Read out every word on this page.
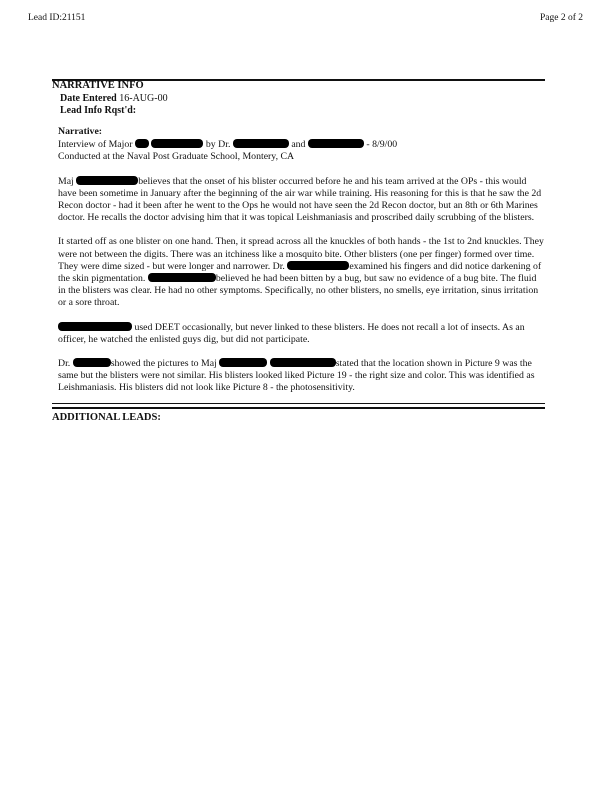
Lead ID:21151	Page 2 of 2
NARRATIVE INFO
Date Entered 16-AUG-00
Lead Info Rqst'd:
Narrative:
Interview of Major	by Dr.	and	- 8/9/00
Conducted at the Naval Post Graduate School, Montery, CA

Maj	believes that the onset of his blister occurred before he and his team arrived at the OPs - this would have been sometime in January after the beginning of the air war while training. His reasoning for this is that he saw the 2d Recon doctor - had it been after he went to the Ops he would not have seen the 2d Recon doctor, but an 8th or 6th Marines doctor. He recalls the doctor advising him that it was topical Leishmaniasis and proscribed daily scrubbing of the blisters.

It started off as one blister on one hand. Then, it spread across all the knuckles of both hands - the 1st to 2nd knuckles. They were not between the digits. There was an itchiness like a mosquito bite. Other blisters (one per finger) formed over time. They were dime sized - but were longer and narrower. Dr.	examined his fingers and did notice darkening of the skin pigmentation.	believed he had been bitten by a bug, but saw no evidence of a bug bite. The fluid in the blisters was clear. He had no other symptoms. Specifically, no other blisters, no smells, eye irritation, sinus irritation or a sore throat.

used DEET occasionally, but never linked to these blisters. He does not recall a lot of insects. As an officer, he watched the enlisted guys dig, but did not participate.

Dr.	showed the pictures to Maj	stated that the location shown in Picture 9 was the same but the blisters were not similar. His blisters looked liked Picture 19 - the right size and color. This was identified as Leishmaniasis. His blisters did not look like Picture 8 - the photosensitivity.

ADDITIONAL LEADS:
